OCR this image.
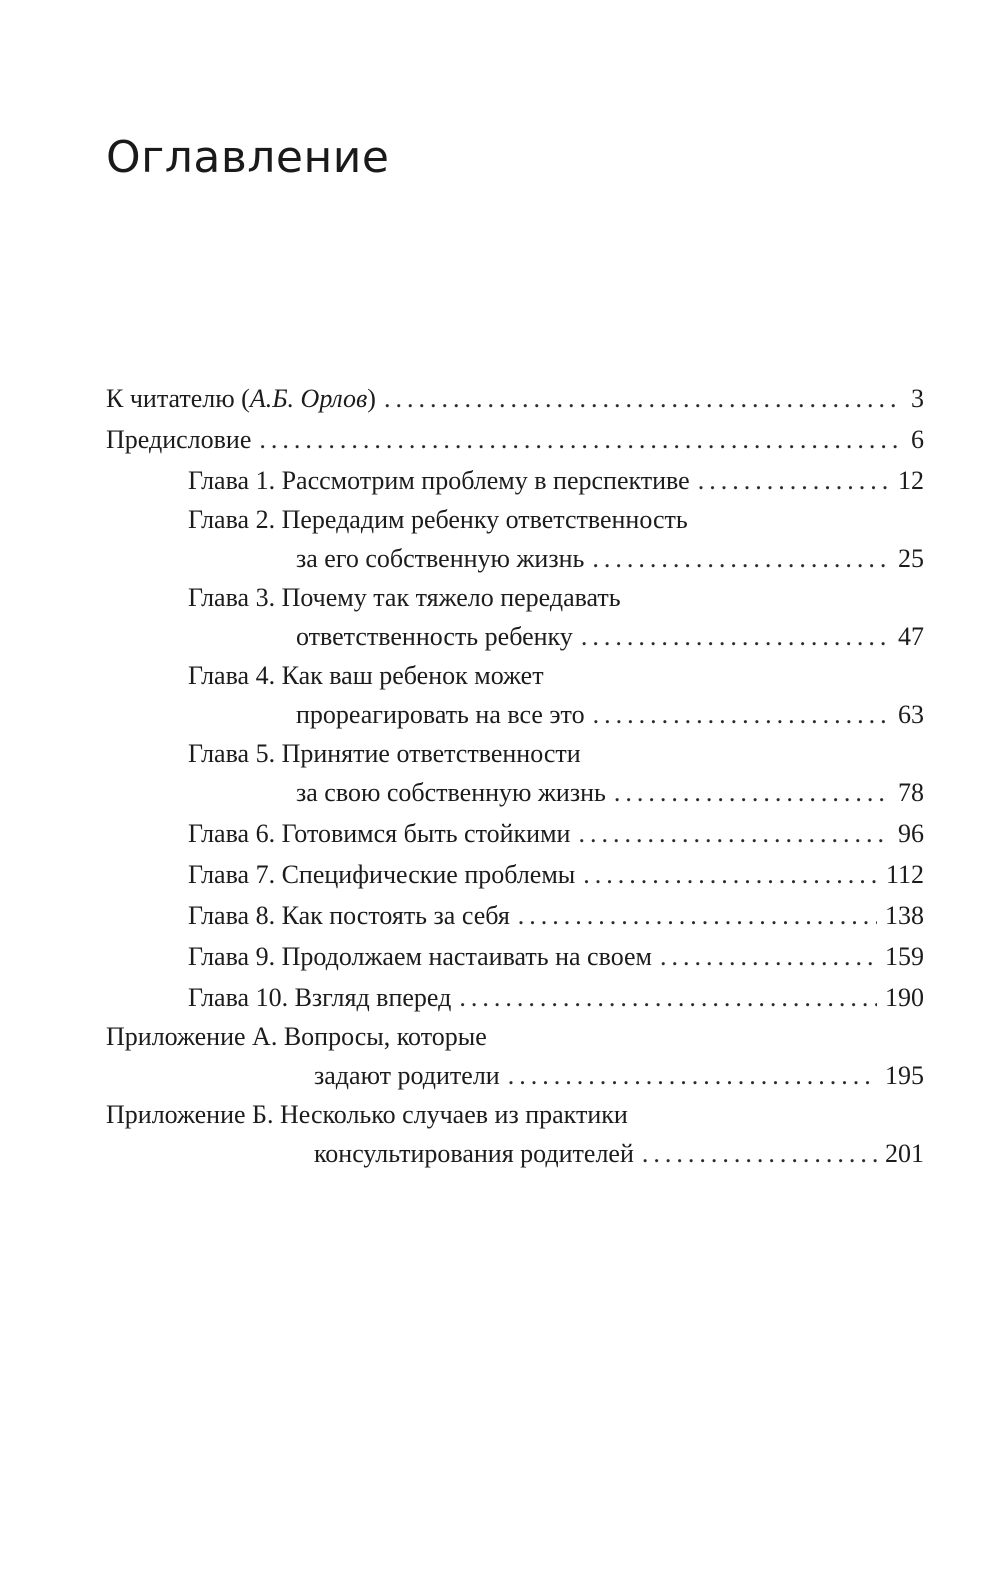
Оглавление
К читателю (А.Б. Орлов) .....	3
Предисловие .....	6
Глава 1. Рассмотрим проблему в перспективе .....	12
Глава 2. Передадим ребенку ответственность
за его собственную жизнь .....	25
Глава 3. Почему так тяжело передавать
ответственность ребенку .....	47
Глава 4. Как ваш ребенок может
прореагировать на все это .....	63
Глава 5. Принятие ответственности
за свою собственную жизнь .....	78
Глава 6. Готовимся быть стойкими .....	96
Глава 7. Специфические проблемы .....	112
Глава 8. Как постоять за себя .....	138
Глава 9. Продолжаем настаивать на своем .....	159
Глава 10. Взгляд вперед .....	190
Приложение А. Вопросы, которые
задают родители .....	195
Приложение Б. Несколько случаев из практики
консультирования родителей .....	201
